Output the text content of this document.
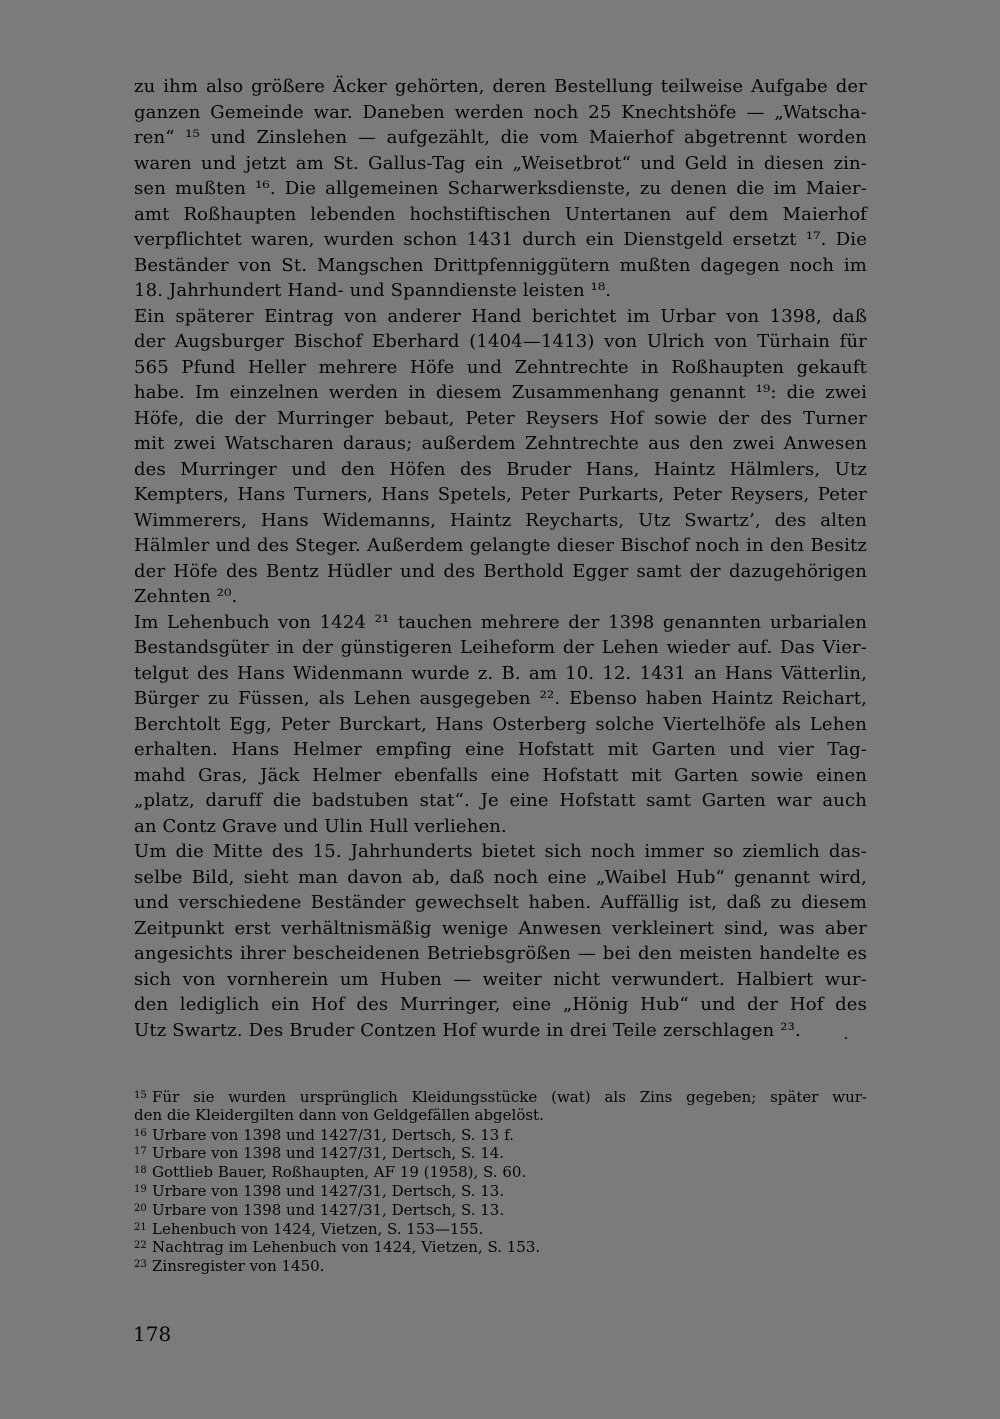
zu ihm also größere Äcker gehörten, deren Bestellung teilweise Aufgabe der
ganzen Gemeinde war. Daneben werden noch 25 Knechtshöfe — „Watscha-
ren“ ¹⁵ und Zinslehen — aufgezählt, die vom Maierhof abgetrennt worden
waren und jetzt am St. Gallus-Tag ein „Weisetbrot“ und Geld in diesen zin-
sen mußten ¹⁶. Die allgemeinen Scharwerksdienste, zu denen die im Maier-
amt Roßhaupten lebenden hochstiftischen Untertanen auf dem Maierhof
verpflichtet waren, wurden schon 1431 durch ein Dienstgeld ersetzt ¹⁷. Die
Beständer von St. Mangschen Drittpfenniggütern mußten dagegen noch im
18. Jahrhundert Hand- und Spanndienste leisten ¹⁸.
Ein späterer Eintrag von anderer Hand berichtet im Urbar von 1398, daß
der Augsburger Bischof Eberhard (1404—1413) von Ulrich von Türhain für
565 Pfund Heller mehrere Höfe und Zehntrechte in Roßhaupten gekauft
habe. Im einzelnen werden in diesem Zusammenhang genannt ¹⁹: die zwei
Höfe, die der Murringer bebaut, Peter Reysers Hof sowie der des Turner
mit zwei Watscharen daraus; außerdem Zehntrechte aus den zwei Anwesen
des Murringer und den Höfen des Bruder Hans, Haintz Hälmlers, Utz
Kempters, Hans Turners, Hans Spetels, Peter Purkarts, Peter Reysers, Peter
Wimmerers, Hans Widemanns, Haintz Reycharts, Utz Swartz’, des alten
Hälmler und des Steger. Außerdem gelangte dieser Bischof noch in den Besitz
der Höfe des Bentz Hüdler und des Berthold Egger samt der dazugehörigen
Zehnten ²⁰.
Im Lehenbuch von 1424 ²¹ tauchen mehrere der 1398 genannten urbarialen
Bestandsgüter in der günstigeren Leiheform der Lehen wieder auf. Das Vier-
telgut des Hans Widenmann wurde z. B. am 10. 12. 1431 an Hans Vätterlin,
Bürger zu Füssen, als Lehen ausgegeben ²². Ebenso haben Haintz Reichart,
Berchtolt Egg, Peter Burckart, Hans Osterberg solche Viertelhöfe als Lehen
erhalten. Hans Helmer empfing eine Hofstatt mit Garten und vier Tag-
mahd Gras, Jäck Helmer ebenfalls eine Hofstatt mit Garten sowie einen
„platz, daruff die badstuben stat“. Je eine Hofstatt samt Garten war auch
an Contz Grave und Ulin Hull verliehen.
Um die Mitte des 15. Jahrhunderts bietet sich noch immer so ziemlich das-
selbe Bild, sieht man davon ab, daß noch eine „Waibel Hub“ genannt wird,
und verschiedene Beständer gewechselt haben. Auffällig ist, daß zu diesem
Zeitpunkt erst verhältnismäßig wenige Anwesen verkleinert sind, was aber
angesichts ihrer bescheidenen Betriebsgrößen — bei den meisten handelte es
sich von vornherein um Huben — weiter nicht verwundert. Halbiert wur-
den lediglich ein Hof des Murringer, eine „Hönig Hub“ und der Hof des
Utz Swartz. Des Bruder Contzen Hof wurde in drei Teile zerschlagen ²³.
15 Für sie wurden ursprünglich Kleidungsstücke (wat) als Zins gegeben; später wur-
den die Kleidergilten dann von Geldgefällen abgelöst.
16 Urbare von 1398 und 1427/31, Dertsch, S. 13 f.
17 Urbare von 1398 und 1427/31, Dertsch, S. 14.
18 Gottlieb Bauer, Roßhaupten, AF 19 (1958), S. 60.
19 Urbare von 1398 und 1427/31, Dertsch, S. 13.
20 Urbare von 1398 und 1427/31, Dertsch, S. 13.
21 Lehenbuch von 1424, Vietzen, S. 153—155.
22 Nachtrag im Lehenbuch von 1424, Vietzen, S. 153.
23 Zinsregister von 1450.
178
